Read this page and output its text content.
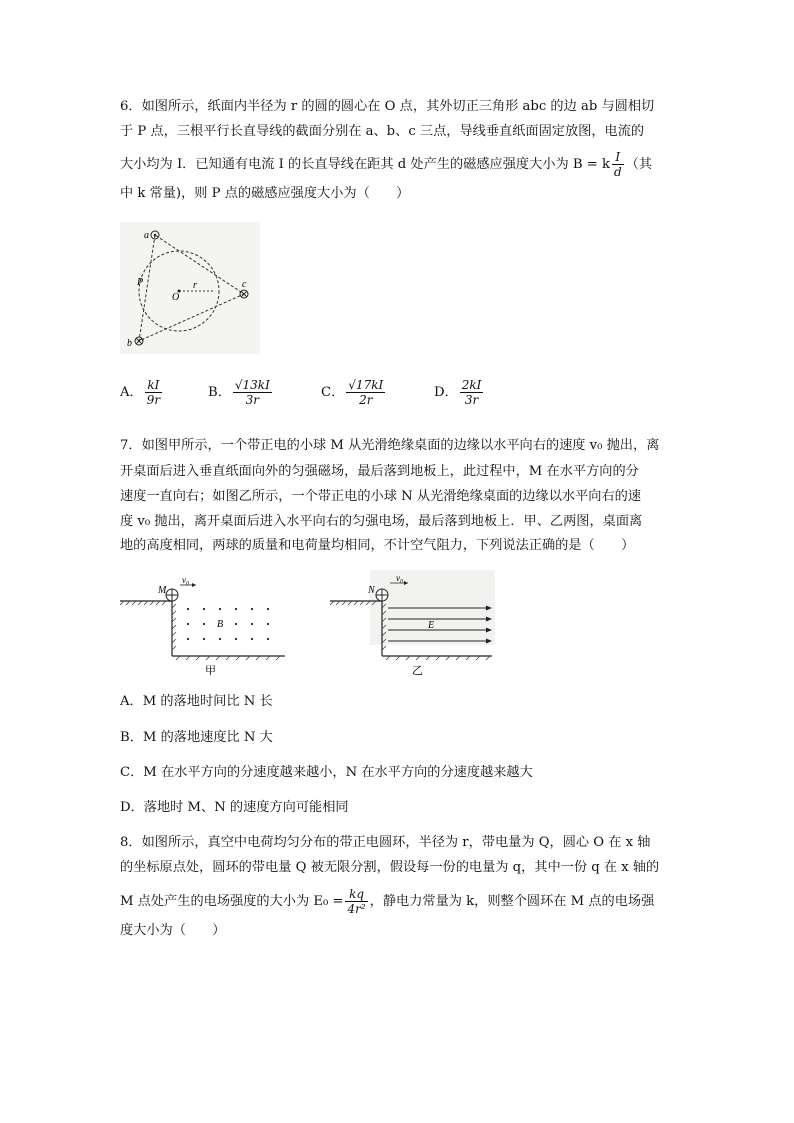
6．如图所示，纸面内半径为 r 的圆的圆心在 O 点，其外切正三角形 abc 的边 ab 与圆相切
于 P 点，三根平行长直导线的截面分别在 a、b、c 三点，导线垂直纸面固定放图，电流的
大小均为 I．已知通有电流 I 的长直导线在距其 d 处产生的磁感应强度大小为 B = k $\frac{I}{d}$ （其
中 k 常量)，则 P 点的磁感应强度大小为（　　）
a
b
c
P
O
r
A． $\frac{kI}{9r}$	B． $\frac{√13kI}{3r}$	C． $\frac{√17kI}{2r}$	D． $\frac{2kI}{3r}$
7．如图甲所示，一个带正电的小球 M 从光滑绝缘桌面的边缘以水平向右的速度 v₀ 抛出，离
开桌面后进入垂直纸面向外的匀强磁场，最后落到地板上，此过程中，M 在水平方向的分
速度一直向右；如图乙所示，一个带正电的小球 N 从光滑绝缘桌面的边缘以水平向右的速
度 v₀ 抛出，离开桌面后进入水平向右的匀强电场，最后落到地板上．甲、乙两图，桌面离
地的高度相同，两球的质量和电荷量均相同，不计空气阻力，下列说法正确的是（　　）
M
v₀
B
甲
N
v₀
E
乙
A．M 的落地时间比 N 长
B．M 的落地速度比 N 大
C．M 在水平方向的分速度越来越小，N 在水平方向的分速度越来越大
D．落地时 M、N 的速度方向可能相同
8．如图所示，真空中电荷均匀分布的带正电圆环，半径为 r，带电量为 Q，圆心 O 在 x 轴
的坐标原点处，圆环的带电量 Q 被无限分割，假设每一份的电量为 q，其中一份 q 在 x 轴的
M 点处产生的电场强度的大小为 $E_0 = \frac{kq}{\text{4r²}}$ ，静电力常量为 k，则整个圆环在 M 点的电场强
度大小为（　　）
